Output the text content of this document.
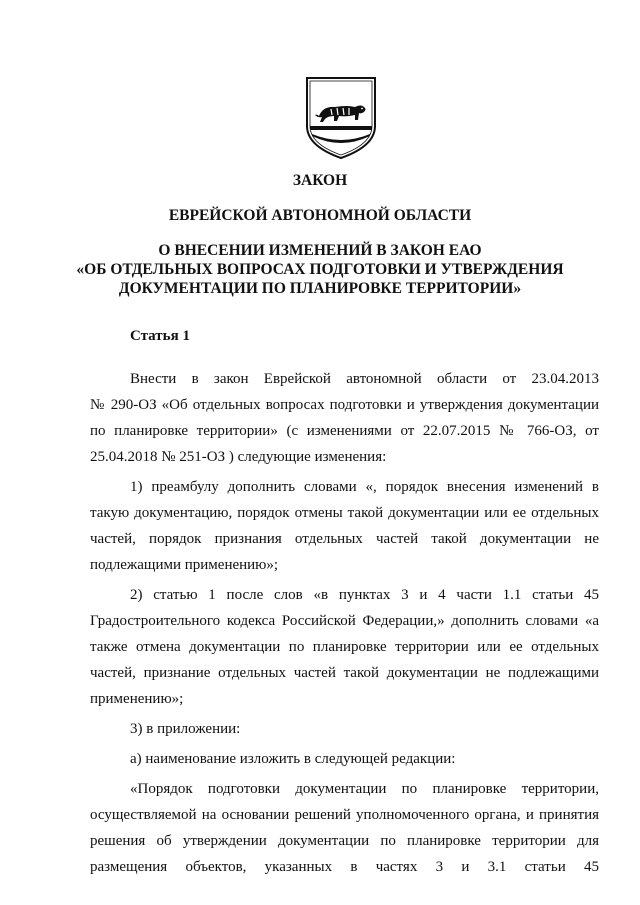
ЗАКОН
ЕВРЕЙСКОЙ АВТОНОМНОЙ ОБЛАСТИ
О ВНЕСЕНИИ ИЗМЕНЕНИЙ В ЗАКОН ЕАО
«ОБ ОТДЕЛЬНЫХ ВОПРОСАХ ПОДГОТОВКИ И УТВЕРЖДЕНИЯ
ДОКУМЕНТАЦИИ ПО ПЛАНИРОВКЕ ТЕРРИТОРИИ»
Статья 1
Внести в закон Еврейской автономной области от 23.04.2013
№ 290-ОЗ «Об отдельных вопросах подготовки и утверждения документации
по планировке территории» (с изменениями от 22.07.2015 № 766-ОЗ, от
25.04.2018 № 251-ОЗ ) следующие изменения:
1) преамбулу дополнить словами «, порядок внесения изменений в
такую документацию, порядок отмены такой документации или ее отдельных
частей, порядок признания отдельных частей такой документации не
подлежащими применению»;
2) статью 1 после слов «в пунктах 3 и 4 части 1.1 статьи 45
Градостроительного кодекса Российской Федерации,» дополнить словами «а
также отмена документации по планировке территории или ее отдельных
частей, признание отдельных частей такой документации не подлежащими
применению»;
3) в приложении:
а) наименование изложить в следующей редакции:
«Порядок подготовки документации по планировке территории,
осуществляемой на основании решений уполномоченного органа, и принятия
решения об утверждении документации по планировке территории для
размещения объектов, указанных в частях 3 и 3.1 статьи 45
